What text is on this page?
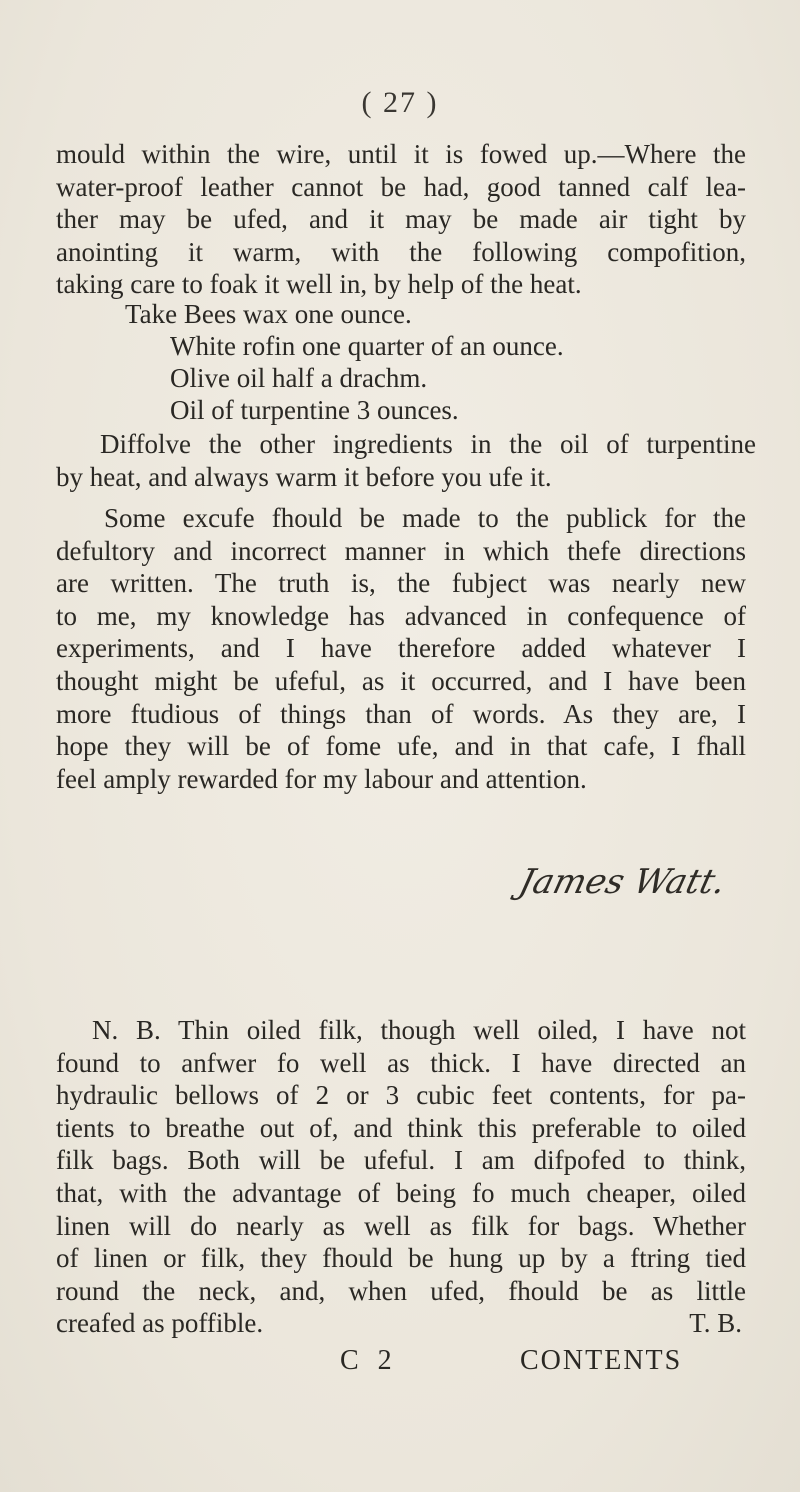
( 27 )
mould within the wire, until it is fowed up.—Where the
water-proof leather cannot be had, good tanned calf lea-
ther may be ufed, and it may be made air tight by
anointing it warm, with the following compofition,
taking care to foak it well in, by help of the heat.
Take Bees wax one ounce.
White rofin one quarter of an ounce.
Olive oil half a drachm.
Oil of turpentine 3 ounces.
Diffolve the other ingredients in the oil of turpentine
by heat, and always warm it before you ufe it.
Some excufe fhould be made to the publick for the
defultory and incorrect manner in which thefe directions
are written. The truth is, the fubject was nearly new
to me, my knowledge has advanced in confequence of
experiments, and I have therefore added whatever I
thought might be ufeful, as it occurred, and I have been
more ftudious of things than of words. As they are, I
hope they will be of fome ufe, and in that cafe, I fhall
feel amply rewarded for my labour and attention.
James Watt.
N. B. Thin oiled filk, though well oiled, I have not
found to anfwer fo well as thick. I have directed an
hydraulic bellows of 2 or 3 cubic feet contents, for pa-
tients to breathe out of, and think this preferable to oiled
filk bags. Both will be ufeful. I am difpofed to think,
that, with the advantage of being fo much cheaper, oiled
linen will do nearly as well as filk for bags. Whether
of linen or filk, they fhould be hung up by a ftring tied
round the neck, and, when ufed, fhould be as little
creafed as poffible.	T. B.
C 2	CONTENTS
